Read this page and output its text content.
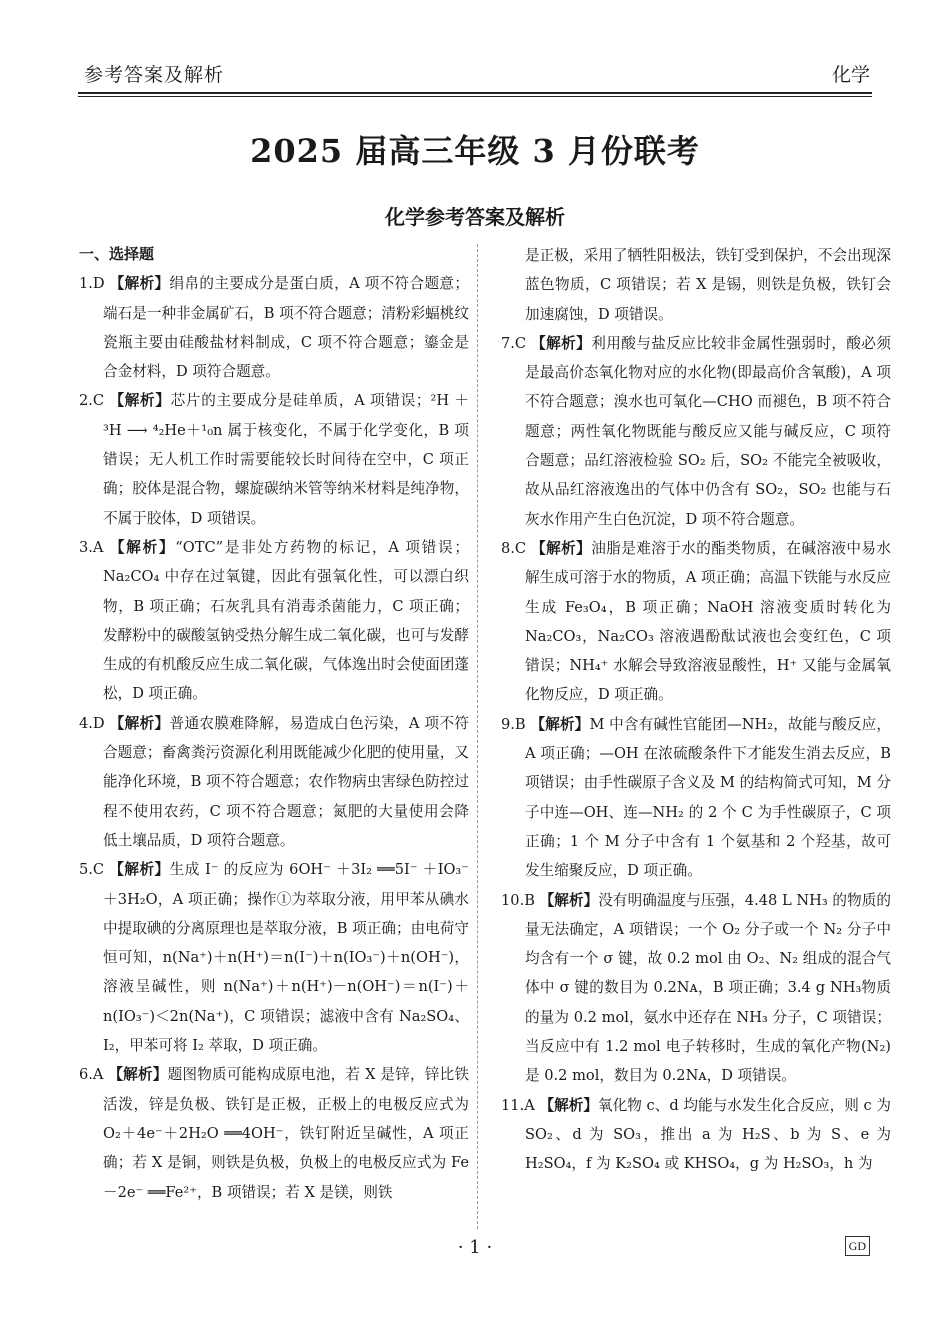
参考答案及解析	化学
2025 届高三年级 3 月份联考
化学参考答案及解析

一、选择题

1.D 【解析】绢帛的主要成分是蛋白质，A 项不符合题意；端石是一种非金属矿石，B 项不符合题意；清粉彩蝠桃纹瓷瓶主要由硅酸盐材料制成，C 项不符合题意；鎏金是合金材料，D 项符合题意。

2.C 【解析】芯片的主要成分是硅单质，A 项错误；²H ＋³H ⟶ ⁴₂He＋¹₀n 属于核变化，不属于化学变化，B 项错误；无人机工作时需要能较长时间待在空中，C 项正确；胶体是混合物，螺旋碳纳米管等纳米材料是纯净物，不属于胶体，D 项错误。

3.A 【解析】“OTC”是非处方药物的标记，A 项错误；Na₂CO₄ 中存在过氧键，因此有强氧化性，可以漂白织物，B 项正确；石灰乳具有消毒杀菌能力，C 项正确；发酵粉中的碳酸氢钠受热分解生成二氧化碳，也可与发酵生成的有机酸反应生成二氧化碳，气体逸出时会使面团蓬松，D 项正确。

4.D 【解析】普通农膜难降解，易造成白色污染，A 项不符合题意；畜禽粪污资源化利用既能减少化肥的使用量，又能净化环境，B 项不符合题意；农作物病虫害绿色防控过程不使用农药，C 项不符合题意；氮肥的大量使用会降低土壤品质，D 项符合题意。

5.C 【解析】生成 I⁻ 的反应为 6OH⁻ ＋3I₂ ══5I⁻ ＋IO₃⁻ ＋3H₂O，A 项正确；操作①为萃取分液，用甲苯从碘水中提取碘的分离原理也是萃取分液，B 项正确；由电荷守恒可知，n(Na⁺)＋n(H⁺)＝n(I⁻)＋n(IO₃⁻)＋n(OH⁻)，溶液呈碱性，则 n(Na⁺)＋n(H⁺)－n(OH⁻)＝n(I⁻)＋n(IO₃⁻)＜2n(Na⁺)，C 项错误；滤液中含有 Na₂SO₄、I₂，甲苯可将 I₂ 萃取，D 项正确。

6.A 【解析】题图物质可能构成原电池，若 X 是锌，锌比铁活泼，锌是负极、铁钉是正极，正极上的电极反应式为 O₂＋4e⁻＋2H₂O ══4OH⁻，铁钉附近呈碱性，A 项正确；若 X 是铜，则铁是负极，负极上的电极反应式为 Fe－2e⁻ ══Fe²⁺，B 项错误；若 X 是镁，则铁

是正极，采用了牺牲阳极法，铁钉受到保护，不会出现深蓝色物质，C 项错误；若 X 是锡，则铁是负极，铁钉会加速腐蚀，D 项错误。

7.C 【解析】利用酸与盐反应比较非金属性强弱时，酸必须是最高价态氧化物对应的水化物(即最高价含氧酸)，A 项不符合题意；溴水也可氧化—CHO 而褪色，B 项不符合题意；两性氧化物既能与酸反应又能与碱反应，C 项符合题意；品红溶液检验 SO₂ 后，SO₂ 不能完全被吸收，故从品红溶液逸出的气体中仍含有 SO₂，SO₂ 也能与石灰水作用产生白色沉淀，D 项不符合题意。

8.C 【解析】油脂是难溶于水的酯类物质，在碱溶液中易水解生成可溶于水的物质，A 项正确；高温下铁能与水反应生成 Fe₃O₄，B 项正确；NaOH 溶液变质时转化为 Na₂CO₃，Na₂CO₃ 溶液遇酚酞试液也会变红色，C 项错误；NH₄⁺ 水解会导致溶液显酸性，H⁺ 又能与金属氧化物反应，D 项正确。

9.B 【解析】M 中含有碱性官能团—NH₂，故能与酸反应，A 项正确；—OH 在浓硫酸条件下才能发生消去反应，B 项错误；由手性碳原子含义及 M 的结构简式可知，M 分子中连—OH、连—NH₂ 的 2 个 C 为手性碳原子，C 项正确；1 个 M 分子中含有 1 个氨基和 2 个羟基，故可发生缩聚反应，D 项正确。

10.B 【解析】没有明确温度与压强，4.48 L NH₃ 的物质的量无法确定，A 项错误；一个 O₂ 分子或一个 N₂ 分子中均含有一个 σ 键，故 0.2 mol 由 O₂、N₂ 组成的混合气体中 σ 键的数目为 0.2Nᴀ，B 项正确；3.4 g NH₃物质的量为 0.2 mol，氨水中还存在 NH₃ 分子，C 项错误；当反应中有 1.2 mol 电子转移时，生成的氧化产物(N₂)是 0.2 mol，数目为 0.2Nᴀ，D 项错误。

11.A 【解析】氧化物 c、d 均能与水发生化合反应，则 c 为 SO₂、d 为 SO₃，推出 a 为 H₂S、b 为 S、e 为 H₂SO₄，f 为 K₂SO₄ 或 KHSO₄，g 为 H₂SO₃，h 为

· 1 ·	GD
